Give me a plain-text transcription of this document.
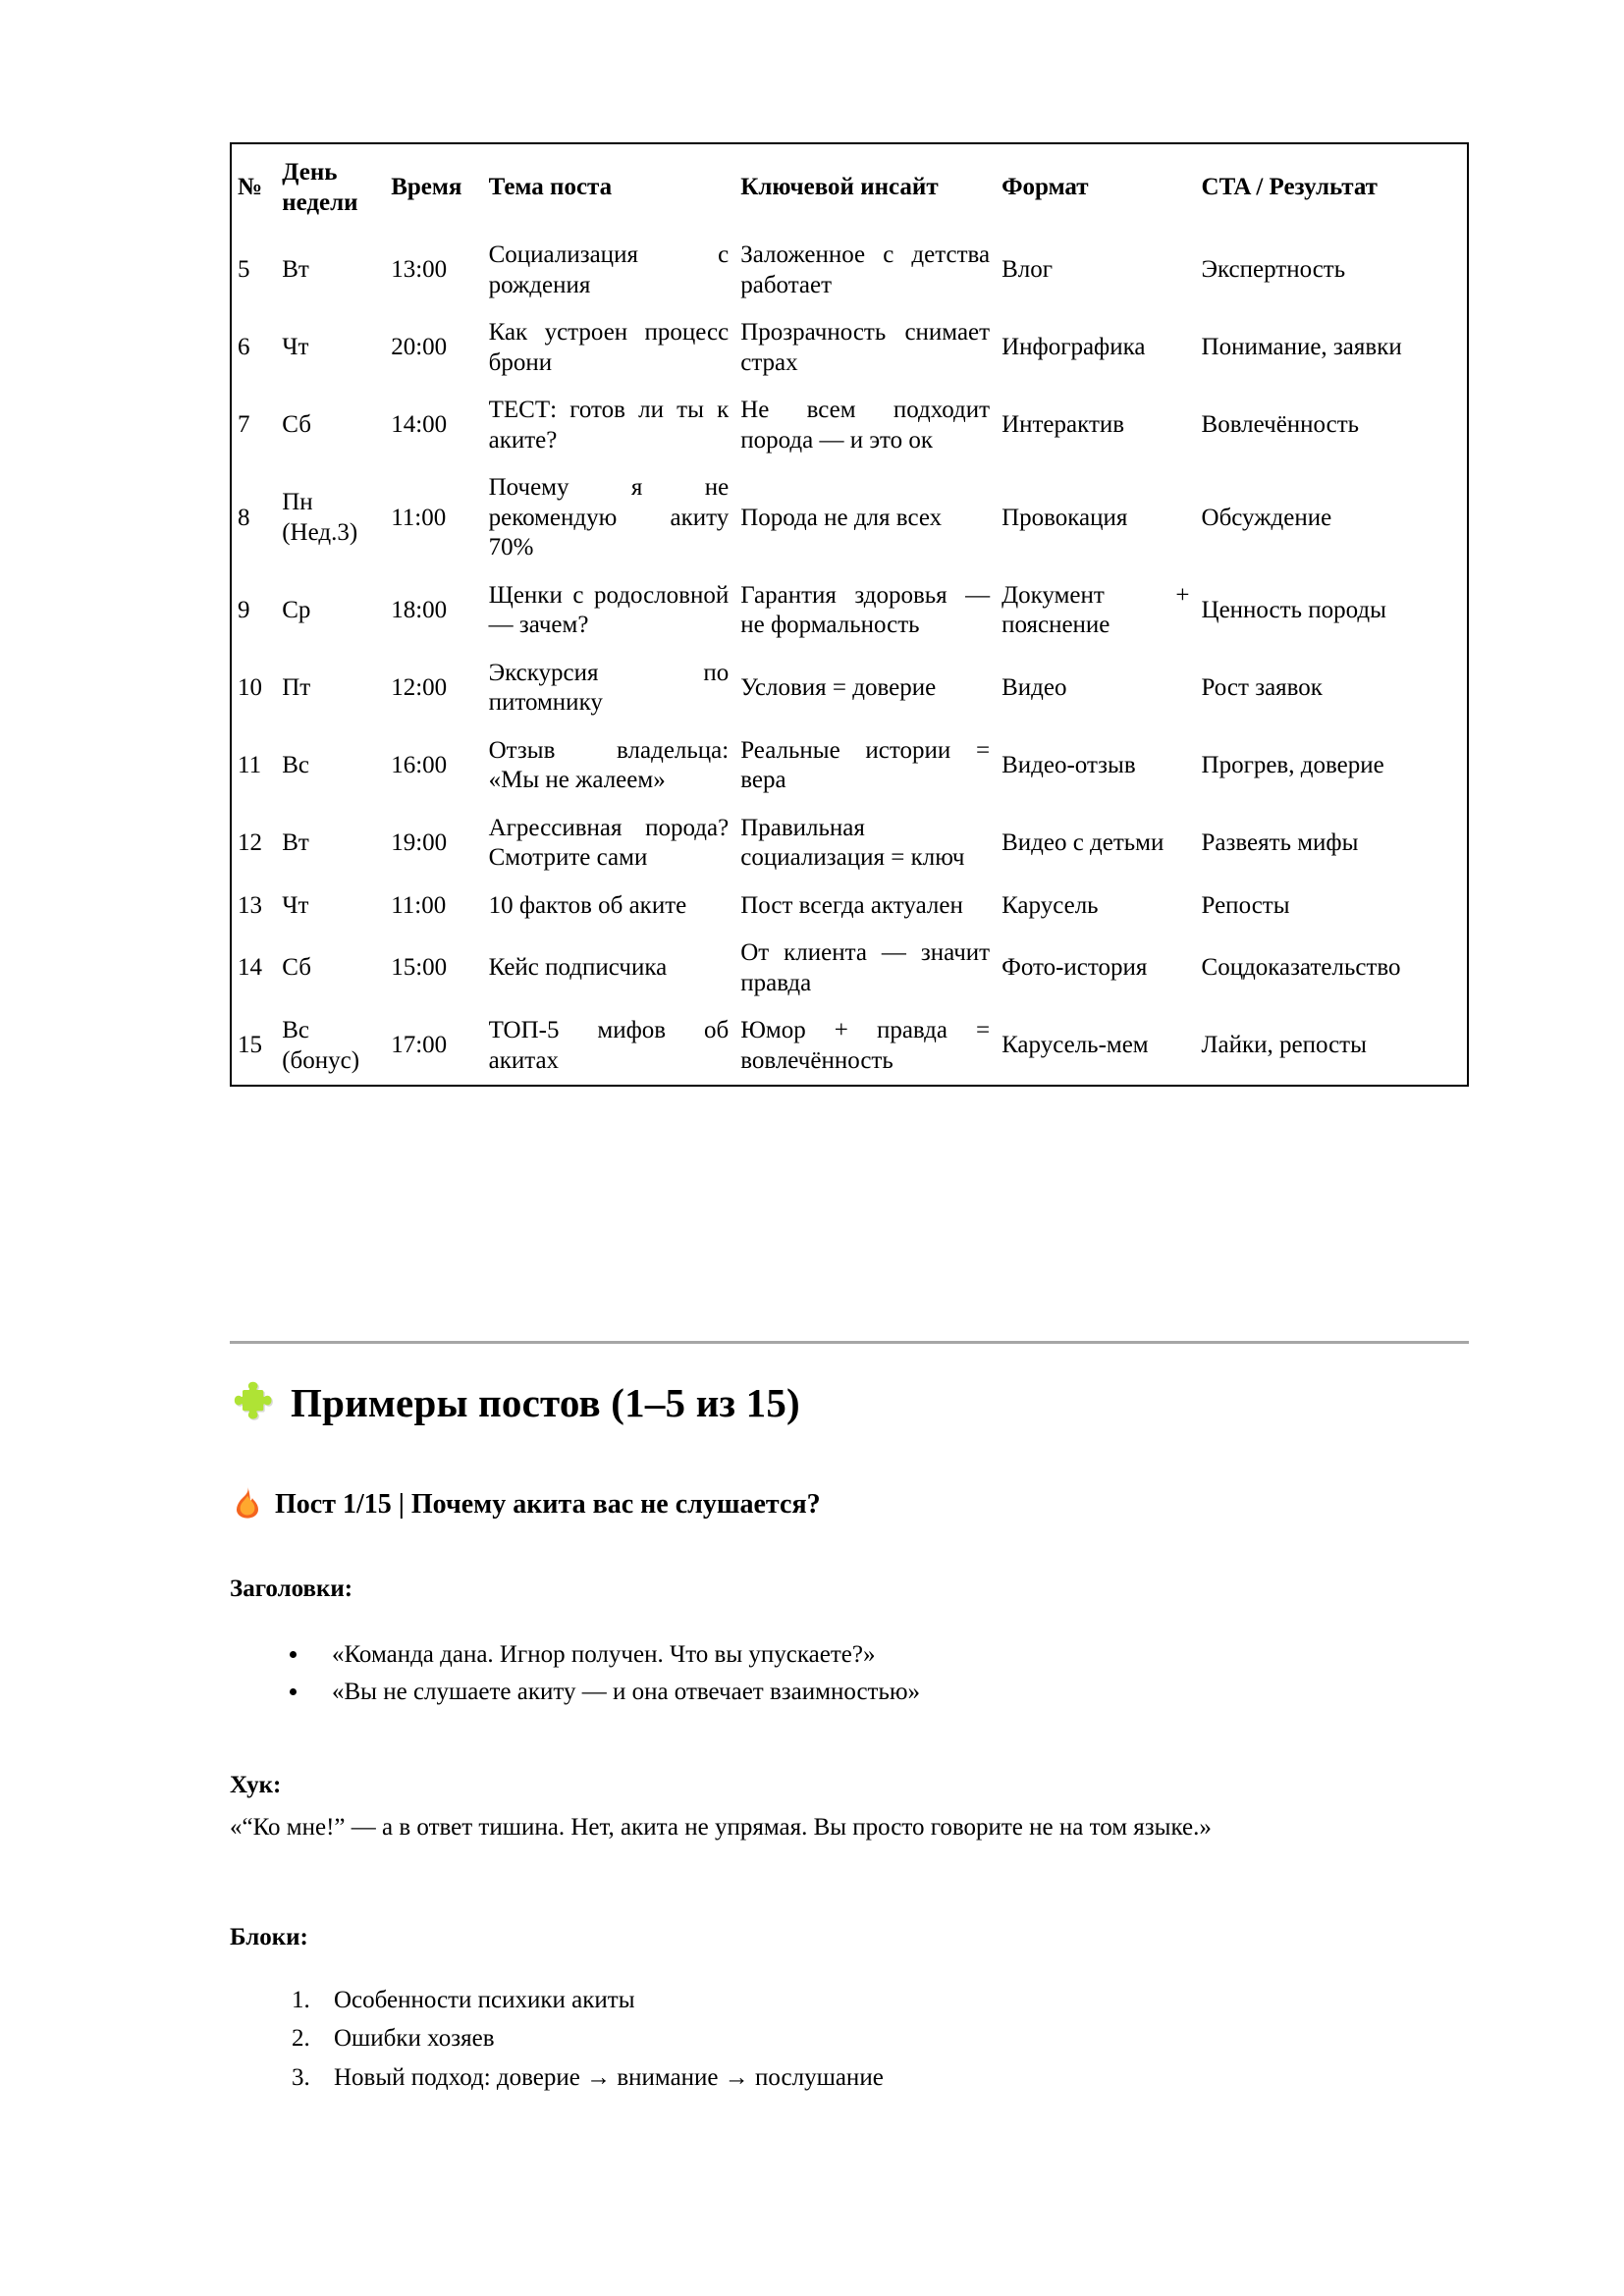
№	День недели	Время	Тема поста	Ключевой инсайт	Формат	CTA / Результат
5	Вт	13:00	Социализация с рождения	Заложенное с детства работает	Влог	Экспертность
6	Чт	20:00	Как устроен процесс брони	Прозрачность снимает страх	Инфографика	Понимание, заявки
7	Сб	14:00	ТЕСТ: готов ли ты к аките?	Не всем подходит порода — и это ок	Интерактив	Вовлечённость
8	Пн (Нед.3)	11:00	Почему я не рекомендую акиту 70%	Порода не для всех	Провокация	Обсуждение
9	Ср	18:00	Щенки с родословной — зачем?	Гарантия здоровья — не формальность	Документ + пояснение	Ценность породы
10	Пт	12:00	Экскурсия по питомнику	Условия = доверие	Видео	Рост заявок
11	Вс	16:00	Отзыв владельца: «Мы не жалеем»	Реальные истории = вера	Видео-отзыв	Прогрев, доверие
12	Вт	19:00	Агрессивная порода? Смотрите сами	Правильная социализация = ключ	Видео с детьми	Развеять мифы
13	Чт	11:00	10 фактов об аките	Пост всегда актуален	Карусель	Репосты
14	Сб	15:00	Кейс подписчика	От клиента — значит правда	Фото-история	Соцдоказательство
15	Вс (бонус)	17:00	ТОП-5 мифов об акитах	Юмор + правда = вовлечённость	Карусель-мем	Лайки, репосты
Примеры постов (1–5 из 15)
Пост 1/15 | Почему акита вас не слушается?
Заголовки:
• «Команда дана. Игнор получен. Что вы упускаете?»
• «Вы не слушаете акиту — и она отвечает взаимностью»
Хук:
«“Ко мне!” — а в ответ тишина. Нет, акита не упрямая. Вы просто говорите не на том языке.»
Блоки:
1. Особенности психики акиты
2. Ошибки хозяев
3. Новый подход: доверие → внимание → послушание
